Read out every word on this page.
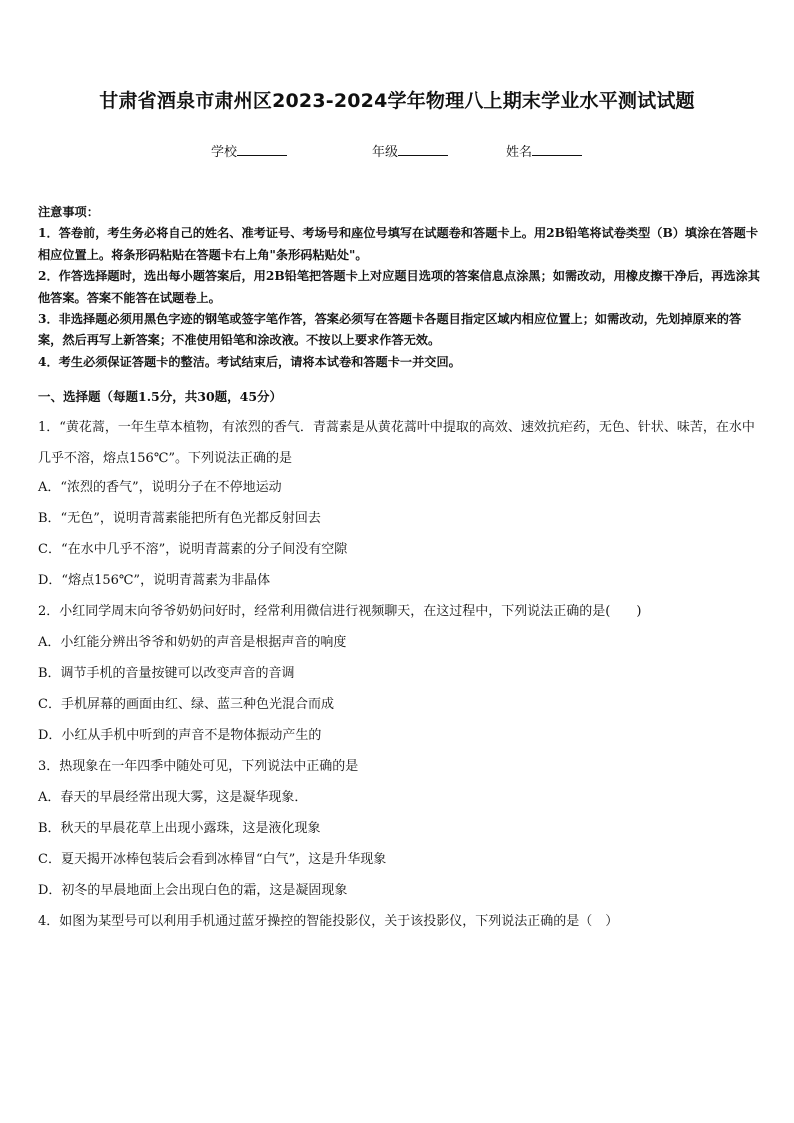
甘肃省酒泉市肃州区2023-2024学年物理八上期末学业水平测试试题
学校	年级	姓名

注意事项：

1．答卷前，考生务必将自己的姓名、准考证号、考场号和座位号填写在试题卷和答题卡上。用2B铅笔将试卷类型（B）填涂在答题卡相应位置上。将条形码粘贴在答题卡右上角"条形码粘贴处"。

2．作答选择题时，选出每小题答案后，用2B铅笔把答题卡上对应题目选项的答案信息点涂黑；如需改动，用橡皮擦干净后，再选涂其他答案。答案不能答在试题卷上。

3．非选择题必须用黑色字迹的钢笔或签字笔作答，答案必须写在答题卡各题目指定区域内相应位置上；如需改动，先划掉原来的答案，然后再写上新答案；不准使用铅笔和涂改液。不按以上要求作答无效。

4．考生必须保证答题卡的整洁。考试结束后，请将本试卷和答题卡一并交回。

一、选择题（每题1.5分，共30题，45分）
1．“黄花蒿，一年生草本植物，有浓烈的香气．青蒿素是从黄花蒿叶中提取的高效、速效抗疟药，无色、针状、味苦，在水中几乎不溶，熔点156℃”。下列说法正确的是
A．“浓烈的香气”，说明分子在不停地运动
B．“无色”，说明青蒿素能把所有色光都反射回去
C．“在水中几乎不溶”，说明青蒿素的分子间没有空隙
D．“熔点156℃”，说明青蒿素为非晶体
2．小红同学周末向爷爷奶奶问好时，经常利用微信进行视频聊天，在这过程中，下列说法正确的是(　　)
A．小红能分辨出爷爷和奶奶的声音是根据声音的响度
B．调节手机的音量按键可以改变声音的音调
C．手机屏幕的画面由红、绿、蓝三种色光混合而成
D．小红从手机中听到的声音不是物体振动产生的
3．热现象在一年四季中随处可见，下列说法中正确的是
A．春天的早晨经常出现大雾，这是凝华现象．
B．秋天的早晨花草上出现小露珠，这是液化现象
C．夏天揭开冰棒包装后会看到冰棒冒“白气”，这是升华现象
D．初冬的早晨地面上会出现白色的霜，这是凝固现象
4．如图为某型号可以利用手机通过蓝牙操控的智能投影仪，关于该投影仪，下列说法正确的是（　）
